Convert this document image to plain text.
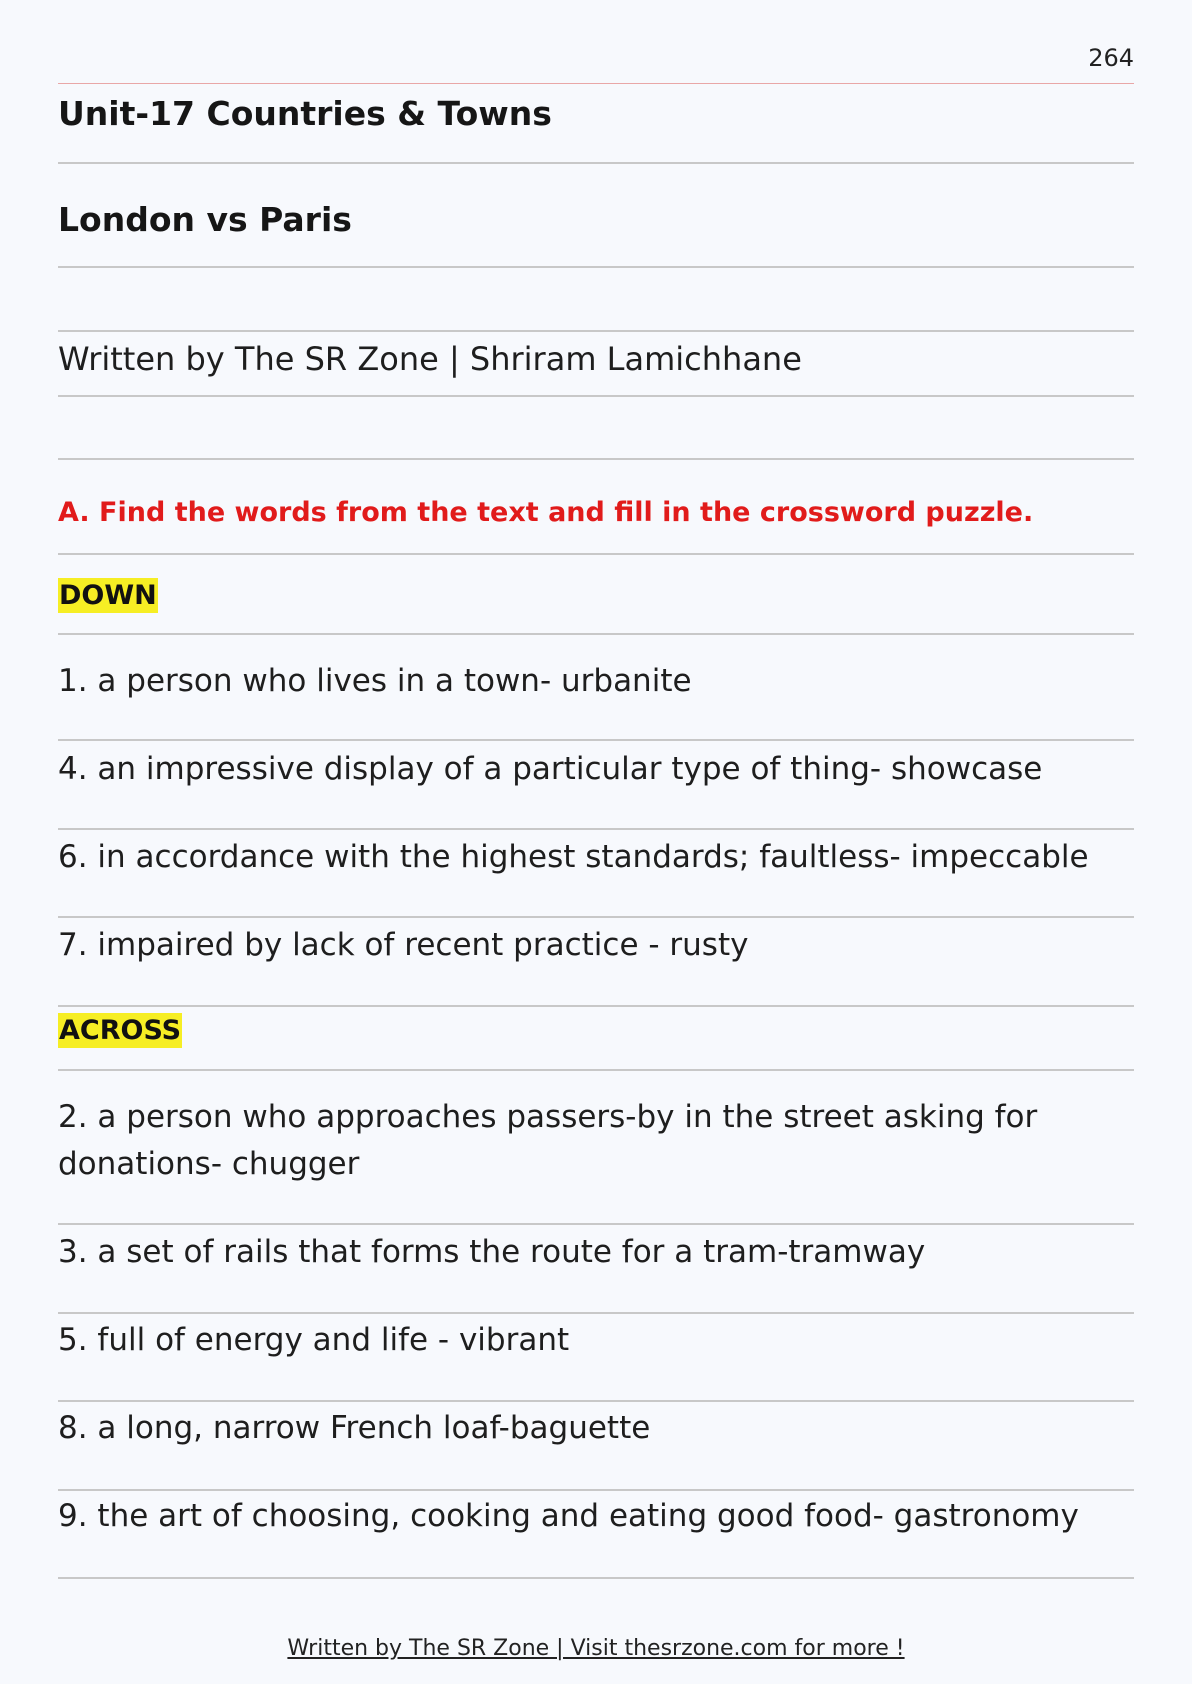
264
Unit-17 Countries & Towns
London vs Paris
Written by The SR Zone | Shriram Lamichhane
A. Find the words from the text and fill in the crossword puzzle.
DOWN
1. a person who lives in a town- urbanite
4. an impressive display of a particular type of thing- showcase
6. in accordance with the highest standards; faultless- impeccable
7. impaired by lack of recent practice - rusty
ACROSS
2. a person who approaches passers-by in the street asking for donations- chugger
3. a set of rails that forms the route for a tram-tramway
5. full of energy and life - vibrant
8. a long, narrow French loaf-baguette
9. the art of choosing, cooking and eating good food- gastronomy
Written by The SR Zone | Visit thesrzone.com for more !
